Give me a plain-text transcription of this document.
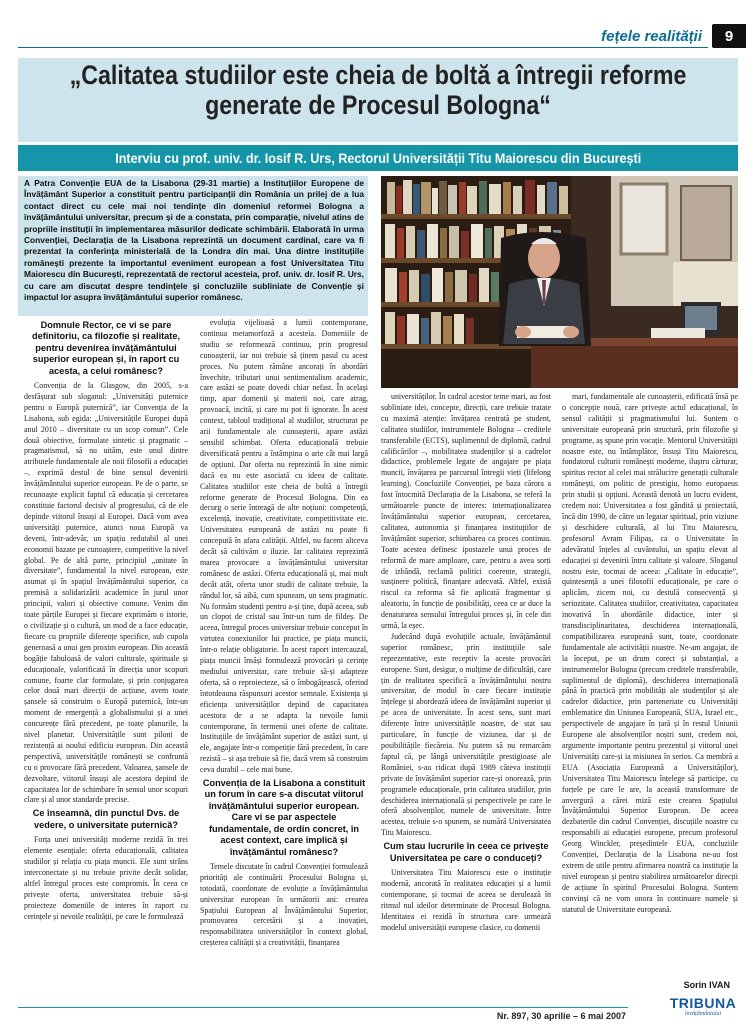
fețele realității	9
„Calitatea studiilor este cheia de boltă a întregii reforme generate de Procesul Bologna“
Interviu cu prof. univ. dr. Iosif R. Urs, Rectorul Universității Titu Maiorescu din București
A Patra Convenție EUA de la Lisabona (29-31 martie) a Instituțiilor Europene de Învățământ Superior a constituit pentru participanții din România un prilej de a lua contact direct cu cele mai noi tendințe din domeniul reformei Bologna a învățământului universitar, precum și de a constata, prin comparație, nivelul atins de propriile instituții în implementarea măsurilor dedicate schimbării. Elaborată în urma Convenției, Declarația de la Lisabona reprezintă un document cardinal, care va fi prezentat la conferința ministerială de la Londra din mai. Una dintre instituțiile românești prezente la importantul eveniment european a fost Universitatea Titu Maiorescu din București, reprezentată de rectorul acesteia, prof. univ. dr. Iosif R. Urs, cu care am discutat despre tendințele și concluziile subliniate de Convenție și impactul lor asupra învățământului superior românesc.

Domnule Rector, ce vi se pare definitoriu, ca filozofie și realitate, pentru devenirea învățământului superior european și, în raport cu acesta, a celui românesc?

Convenția de la Glasgow, din 2005, s-a desfășurat sub sloganul: „Universități puternice pentru o Europă puternică”, iar Convenția de la Lisabona, sub egida: „Universitățile Europei după anul 2010 – diversitate cu un scop comun”. Cele două obiective, formulate sintetic și pragmatic – pragmatismul, să nu uităm, este unul dintre atributele fundamentale ale noii filosofii a educației –, exprimă destul de bine sensul devenirii învățământului superior european. Pe de o parte, se recunoaște explicit faptul că educația și cercetarea constituie factorul decisiv al progresului, că de ele depinde viitorul însuși al Europei. Dacă vom avea universități puternice, atunci noua Europă va deveni, într-adevăr, un spațiu redutabil al unei economii bazate pe cunoaștere, competitive la nivel global. Pe de altă parte, principiul „unitate în diversitate”, fundamental la nivel european, este asumat și în spațiul învățământului superior, ca premisă a solidarizării academice în jurul unor principii, valori și obiective comune. Venim din toate părțile Europei și fiecare exprimăm o istorie, o civilizație și o cultură, un mod de a face educație, fiecare cu propriile diferențe specifice, sub cupola generoasă a unui gen proxim european. Din această bogăție fabuloasă de valori culturale, spirituale și educaționale, valorificată în direcția unor scopuri comune, foarte clar formulate, și prin conjugarea celor două mari direcții de acțiune, avem toate șansele să construim o Europă puternică, într-un moment de emergență a globalismului și a unei concurențe fără precedent, pe toate planurile, la nivel planetar. Universitățile sunt piloni de rezistență ai noului edificiu european. Din această perspectivă, universitățile românești se confruntă cu o provocare fără precedent. Valoarea, șansele de dezvoltare, viitorul însuși ale acestora depind de capacitatea lor de schimbare în sensul unor scopuri clare și al unor standarde precise.

Ce înseamnă, din punctul Dvs. de vedere, o universitate puternică?

Forța unei universități moderne rezidă în trei elemente esențiale: oferta educațională, calitatea studiilor și relația cu piața muncii. Ele sunt strâns interconectate și nu trebuie privite decât solidar, altfel întregul proces este compromis. În ceea ce privește oferta, universitatea trebuie să-și proiecteze domeniile de interes în raport cu cerințele și nevoile realității, pe care le formulează

evoluția vijelioasă a lumii contemporane, continua metamorfoză a acesteia. Domeniile de studiu se reformează continuu, prin progresul cunoașterii, iar noi trebuie să ținem pasul cu acest proces. Nu putem rămâne ancorați în abordări învechite, tributari unui sentimentalism academic, care astăzi se poate dovedi chiar nefast. În același timp, apar domenii și materii noi, care atrag, provoacă, incită, și care nu pot fi ignorate. În acest context, tabloul tradițional al studiilor, structurat pe arii fundamentale ale cunoașterii, apare astăzi sensibil schimbat. Oferta educațională trebuie diversificată pentru a întâmpina o arie cât mai largă de opțiuni. Dar oferta nu reprezintă în sine nimic dacă ea nu este asociată cu ideea de calitate. Calitatea studiilor este cheia de boltă a întregii reforme generate de Procesul Bologna. Din ea decurg o serie întreagă de alte noțiuni: competență, excelență, inovație, creativitate, competitivitate etc. Universitatea europeană de astăzi nu poate fi concepută în afara calității. Altfel, nu facem altceva decât să cultivăm o iluzie. Iar calitatea reprezintă marea provocare a învățământului universitar românesc de astăzi. Oferta educațională și, mai mult decât atât, oferta unor studii de calitate trebuie, la rândul lor, să aibă, cum spuneam, un sens pragmatic. Nu formăm studenți pentru a-și ține, după aceea, sub un clopot de cristal sau într-un turn de fildeș. De aceea, întregul proces universitar trebuie conceput în virtutea conexiunilor lui practice, pe piața muncii, într-o relație obligatorie. În acest raport intercauzal, piața muncii însăși formulează provocări și cerințe mediului universitar, care trebuie să-și adapteze oferta, să o reproiecteze, să o îmbogățească, oferind întotdeauna răspunsuri acestor semnale. Existența și eficiența universităților depind de capacitatea acestora de a se adapta la nevoile lumii contemporane, în termenii unei oferte de calitate. Instituțiile de învățământ superior de astăzi sunt, și ele, angajate într-o competiție fără precedent, în care rezistă – și așa trebuie să fie, dacă vrem să construim ceva durabil – cele mai bune.

Convenția de la Lisabona a constituit un forum în care s-a discutat viitorul învățământului superior european. Care vi se par aspectele fundamentale, de ordin concret, în acest context, care implică și învățământul românesc?

Temele discutate în cadrul Convenției formulează priorități ale continuării Procesului Bologna și, totodată, coordonate de evoluție a învățământului universitar european în următorii ani: crearea Spațiului European al Învățământului Superior, promovarea cercetării și a inovației, responsabilitatea universităților în context global, creșterea calității și a creativității, finanțarea

universităților. În cadrul acestor teme mari, au fost subliniate idei, concepte, direcții, care trebuie tratate cu maximă atenție: învățarea centrată pe student, calitatea studiilor, instrumentele Bologna – creditele transferabile (ECTS), suplimentul de diplomă, cadrul calificărilor –, mobilitatea studenților și a cadrelor didactice, problemele legate de angajare pe piața muncii, învățarea pe parcursul întregii vieți (lifelong learning). Concluziile Convenției, pe baza cărora a fost întocmită Declarația de la Lisabona, se referă la următoarele puncte de interes: internaționalizarea învățământului superior european, cercetarea, calitatea, autonomia și finanțarea instituțiilor de învățământ superior, schimbarea ca proces continuu. Toate acestea definesc ipostazele unui proces de reformă de mare amploare, care, pentru a avea sorți de izbândă, reclamă politici coerente, strategii, susținere politică, finanțare adecvată. Altfel, există riscul ca reforma să fie aplicată fragmentar și aleatoriu, în funcție de posibilități, ceea ce ar duce la denaturarea sensului întregului proces și, în cele din urmă, la eșec.

Judecând după evoluțiile actuale, învățământul superior românesc, prin instituțiile sale reprezentative, este receptiv la aceste provocări europene. Sunt, desigur, o mulțime de dificultăți, care țin de realitatea specifică a învățământului nostru universitar, de modul în care fiecare instituție înțelege și abordează ideea de învățământ superior și pe acea de universitate. În acest sens, sunt mari diferențe între universitățile noastre, de stat sau particulare, în funcție de viziunea, dar și de posibilitățile fiecăreia. Nu putem să nu remarcăm faptul că, pe lângă universitățile prestigioase ale României, s-au ridicat după 1989 câteva instituții private de învățământ superior care-și onorează, prin programele educaționale, prin calitatea studiilor, prin deschiderea internațională și perspectivele pe care le oferă absolvenților, numele de universitate. Între acestea, trebuie s-o spunem, se numără Universitatea Titu Maiorescu.

Cum stau lucrurile în ceea ce privește Universitatea pe care o conduceți?

Universitatea Titu Maiorescu este o instituție modernă, ancorată în realitatea educației și a lumii contemporane, și tocmai de aceea se derulează în ritmul nul ideilor determinate de Procesul Bologna. Identitatea ei rezidă în structura care urmează modelul universității europene clasice, cu domenii

mari, fundamentale ale cunoașterii, edificată însă pe o concepție nouă, care privește actul educațional, în sensul calității și pragmatismului lui. Suntem o universitate europeană prin structură, prin filozofie și programe, aș spune prin vocație. Mentorul Universității noastre este, nu întâmplător, însuși Titu Maiorescu, fondatorul culturii românești moderne, iluștru cărturar, spiritus rector al celei mai străluciте generații culturale românești, om politic de prestigiu, homo europaeus prin studii și opțiuni. Această denotă un lucru evident, credem noi: Universitatea a fost gândită și proiectată, încă din 1990, de către un legatar spiritual, prin viziune și deschidere culturală, al lui Titu Maiorescu, profesorul Avram Filipaș, ca o Universitate în adevăratul înțeles al cuvântului, un spațiu elevat al educației și devenirii întru calitate și valoare. Sloganul nostru este, tocmai de aceea: „Calitate în educație”, quintesență a unei filosofii educaționale, pe care o aplicăm, zicem noi, cu destulă consecvență și seriozitate. Calitatea studiilor, creativitatea, capacitatea inovativă în abordările didactice, inter și transdisciplinaritatea, deschiderea internațională, compatibilizarea europeană sunt, toate, coordonate fundamentale ale activității noastre. Ne-am angajat, de la început, pe un drum corect și substanțial, a instrumentelor Bologna (precum creditele transferabile, suplimentul de diplomă), deschiderea internațională până în practică prin mobilități ale studenților și ale cadrelor didactice, prin parteneriate cu Universități emblematice din Uniunea Europeană, SUA, Israel etc., perspectivele de angajare în țară și în restul Uniunii Europene ale absolvenților noștri sunt, credem noi, argumente importante pentru prezentul și viitorul unei Universități care-și ia misiunea în serios. Ca membră a EUA (Asociația Europeană a Universităților), Universitatea Titu Maiorescu înțelege să participe, cu forțele pe care le are, la această transformare de anvergură a cărei miză este crearea Spațiului Învățământului Superior European. De aceea dezbaterile din cadrul Convenției, discuțiile noastre cu responsabili ai educației europene, precum profesorul Georg Winckler, președintele EUA, concluziile Convenției, Declarația de la Lisabona ne-au fost extrem de utile pentru afirmarea noastră ca instituție la nivel european și pentru stabilirea următoarelor direcții de acțiune în spiritul Procesului Bologna. Suntem convinși că ne vom onora în continuare numele și statutul de Universitate europeană.

Sorin IVAN
Nr. 897, 30 aprilie – 6 mai 2007
TRIBUNA
învățământului
